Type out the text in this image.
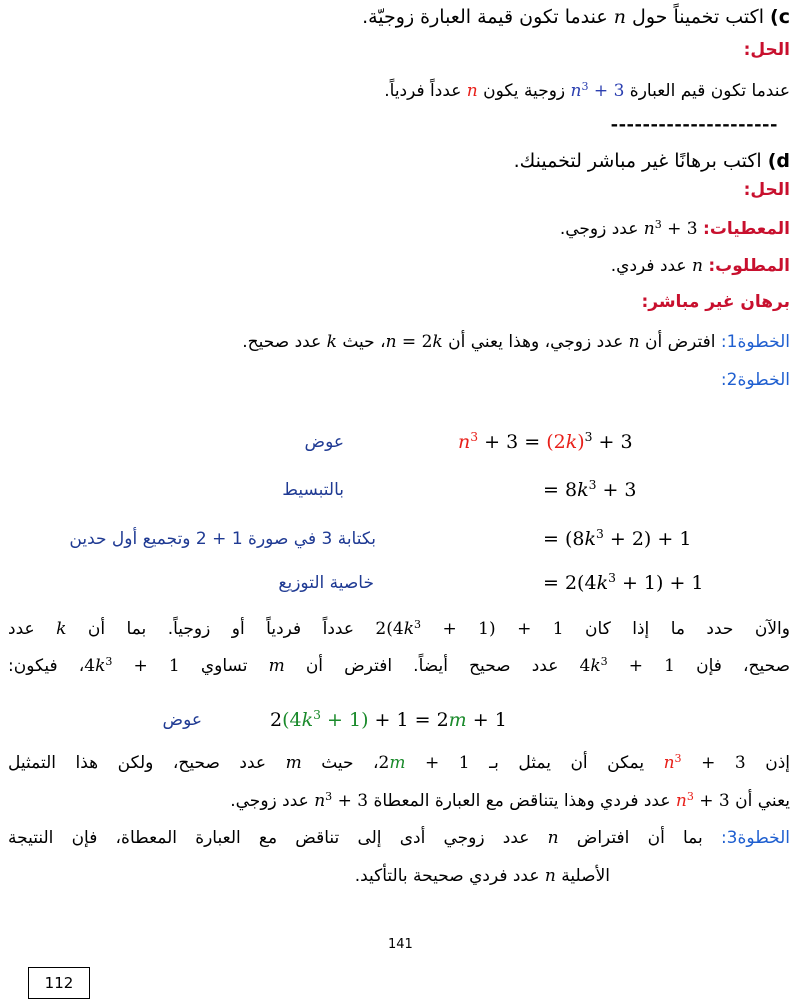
c) اكتب تخميناً حول n عندما تكون قيمة العبارة زوجيّة.
الحل:
عندما تكون قيم العبارة $3 + n^3$ زوجية يكون n عدداً فردياً.
---------------------
d) اكتب برهانًا غير مباشر لتخمينك.
الحل:
المعطيات: $n^3 + 3$ عدد زوجي.
المطلوب: n عدد فردي.
برهان غير مباشر:
الخطوة1: افترض أن n عدد زوجي، وهذا يعني أن n = 2k، حيث k عدد صحيح.
الخطوة2:
عوض	$n^3 + 3 = (2k)^3 + 3$
بالتبسيط	= $8k^3 + 3$
بكتابة 3 في صورة 1 + 2 وتجميع أول حدين	= $(8k^3 + 2) + 1$
خاصية التوزيع	= $2(4k^3 + 1) + 1$
والآن حدد ما إذا كان $2(4k^3 + 1) + 1$ عدداً فردياً أو زوجياً. بما أن k عدد
صحيح، فإن $4k^3 + 1$ عدد صحيح أيضاً. افترض أن m تساوي $4k^3$ + 1، فيكون:
عوض	$2(4k^3 + 1) + 1 = 2m + 1$
إذن $n^3 + 3$ يمكن أن يمثل بـ 2m + 1، حيث m عدد صحيح، ولكن هذا التمثيل
يعني أن $n^3 + 3$ عدد فردي وهذا يتناقض مع العبارة المعطاة $n^3 + 3$ عدد زوجي.
الخطوة3: بما أن افتراض n عدد زوجي أدى إلى تناقض مع العبارة المعطاة، فإن النتيجة
الأصلية n عدد فردي صحيحة بالتأكيد.
141
112
